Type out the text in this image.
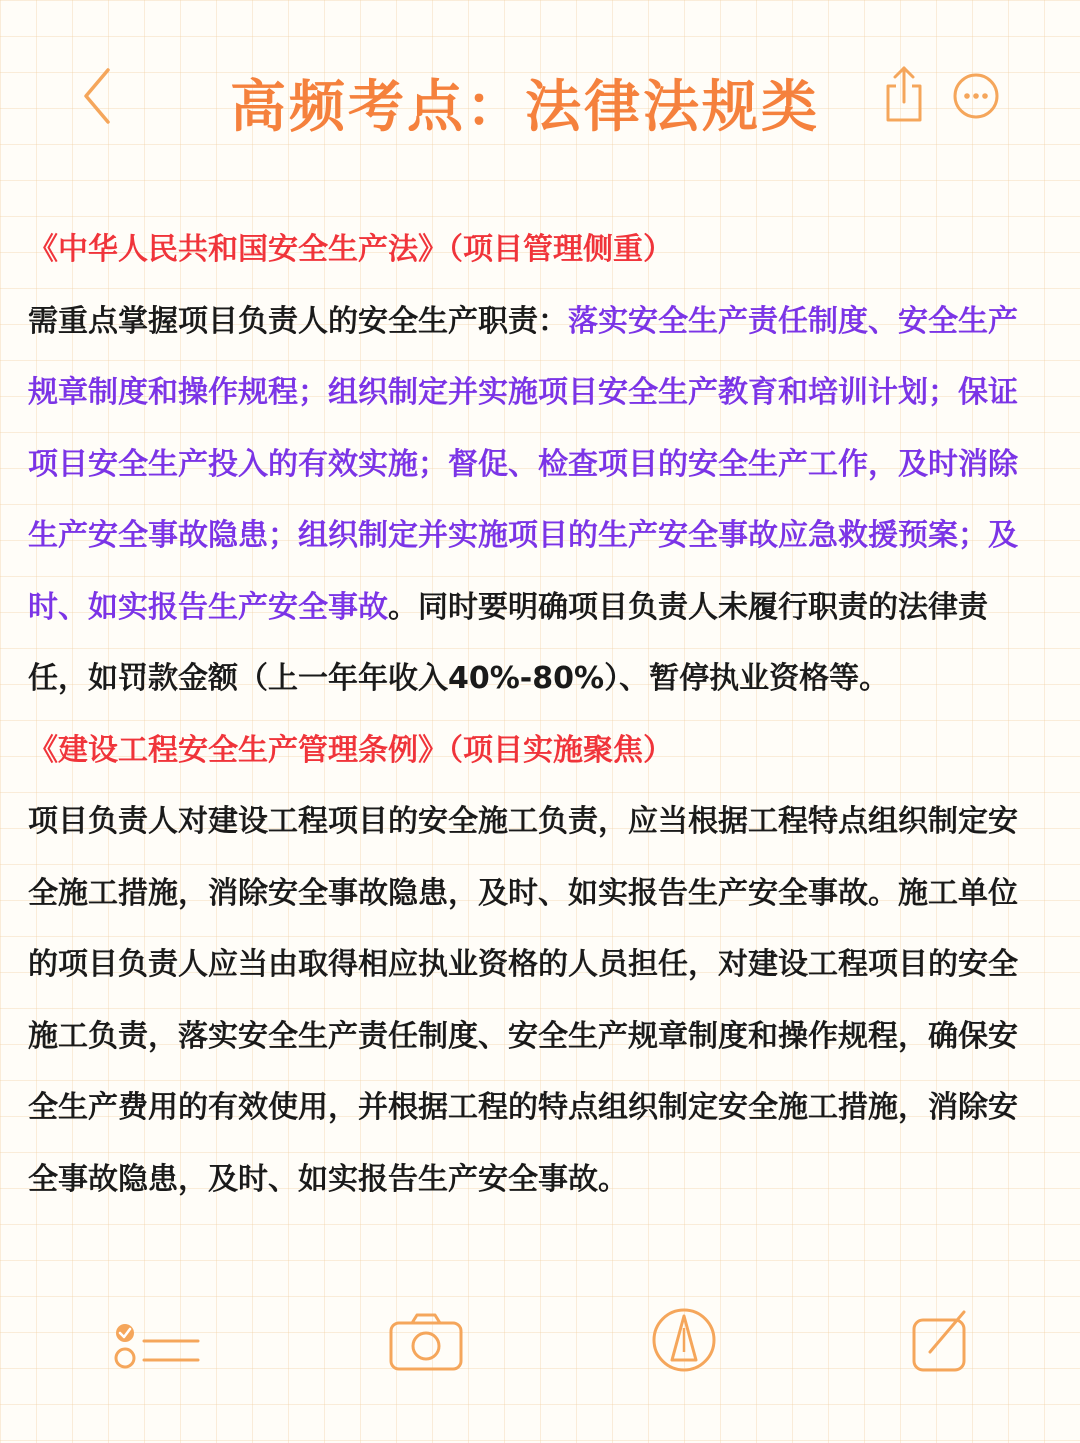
高频考点：法律法规类

《中华人民共和国安全生产法》（项目管理侧重）

需重点掌握项目负责人的安全生产职责：落实安全生产责任制度、安全生产规章制度和操作规程；组织制定并实施项目安全生产教育和培训计划；保证项目安全生产投入的有效实施；督促、检查项目的安全生产工作，及时消除生产安全事故隐患；组织制定并实施项目的生产安全事故应急救援预案；及时、如实报告生产安全事故。同时要明确项目负责人未履行职责的法律责任，如罚款金额（上一年年收入40%-80%）、暂停执业资格等。

《建设工程安全生产管理条例》（项目实施聚焦）

项目负责人对建设工程项目的安全施工负责，应当根据工程特点组织制定安全施工措施，消除安全事故隐患，及时、如实报告生产安全事故。施工单位的项目负责人应当由取得相应执业资格的人员担任，对建设工程项目的安全施工负责，落实安全生产责任制度、安全生产规章制度和操作规程，确保安全生产费用的有效使用，并根据工程的特点组织制定安全施工措施，消除安全事故隐患，及时、如实报告生产安全事故。
